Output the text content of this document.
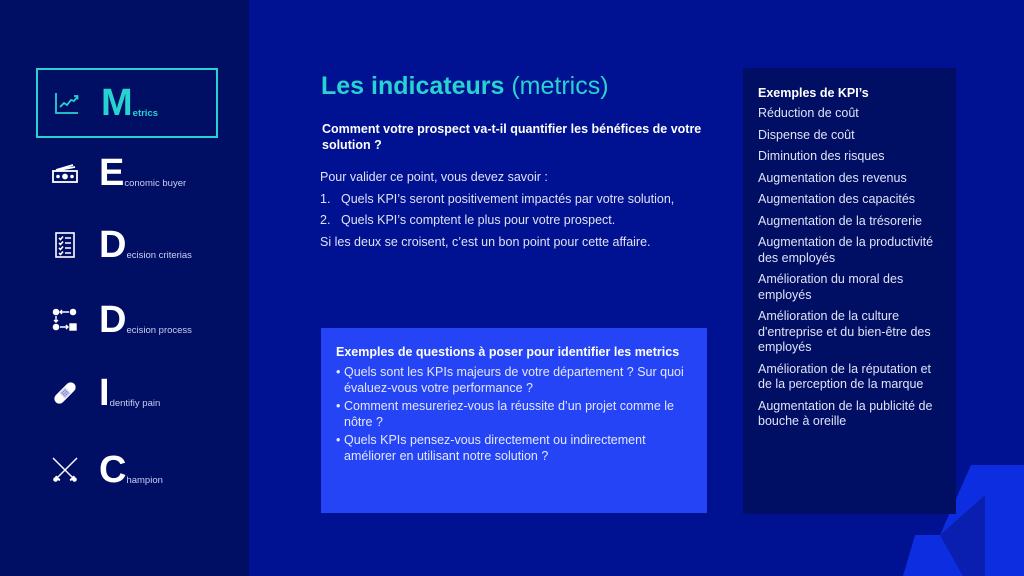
M etrics
E conomic buyer
D ecision criterias
D ecision process
I dentifiy pain
C hampion
Les indicateurs (metrics)
Comment votre prospect va-t-il quantifier les bénéfices de votre solution ?

Pour valider ce point, vous devez savoir :

1. Quels KPI’s seront positivement impactés par votre solution,
2. Quels KPI’s comptent le plus pour votre prospect.

Si les deux se croisent, c’est un bon point pour cette affaire.

Exemples de questions à poser pour identifier les metrics
• Quels sont les KPIs majeurs de votre département ? Sur quoi évaluez-vous votre performance ?
• Comment mesureriez-vous la réussite d’un projet comme le nôtre ?
• Quels KPIs pensez-vous directement ou indirectement améliorer en utilisant notre solution ?
Exemples de KPI’s
Réduction de coût
Dispense de coût
Diminution des risques
Augmentation des revenus
Augmentation des capacités
Augmentation de la trésorerie
Augmentation de la productivité des employés
Amélioration du moral des employés
Amélioration de la culture d'entreprise et du bien-être des employés
Amélioration de la réputation et de la perception de la marque
Augmentation de la publicité de bouche à oreille
